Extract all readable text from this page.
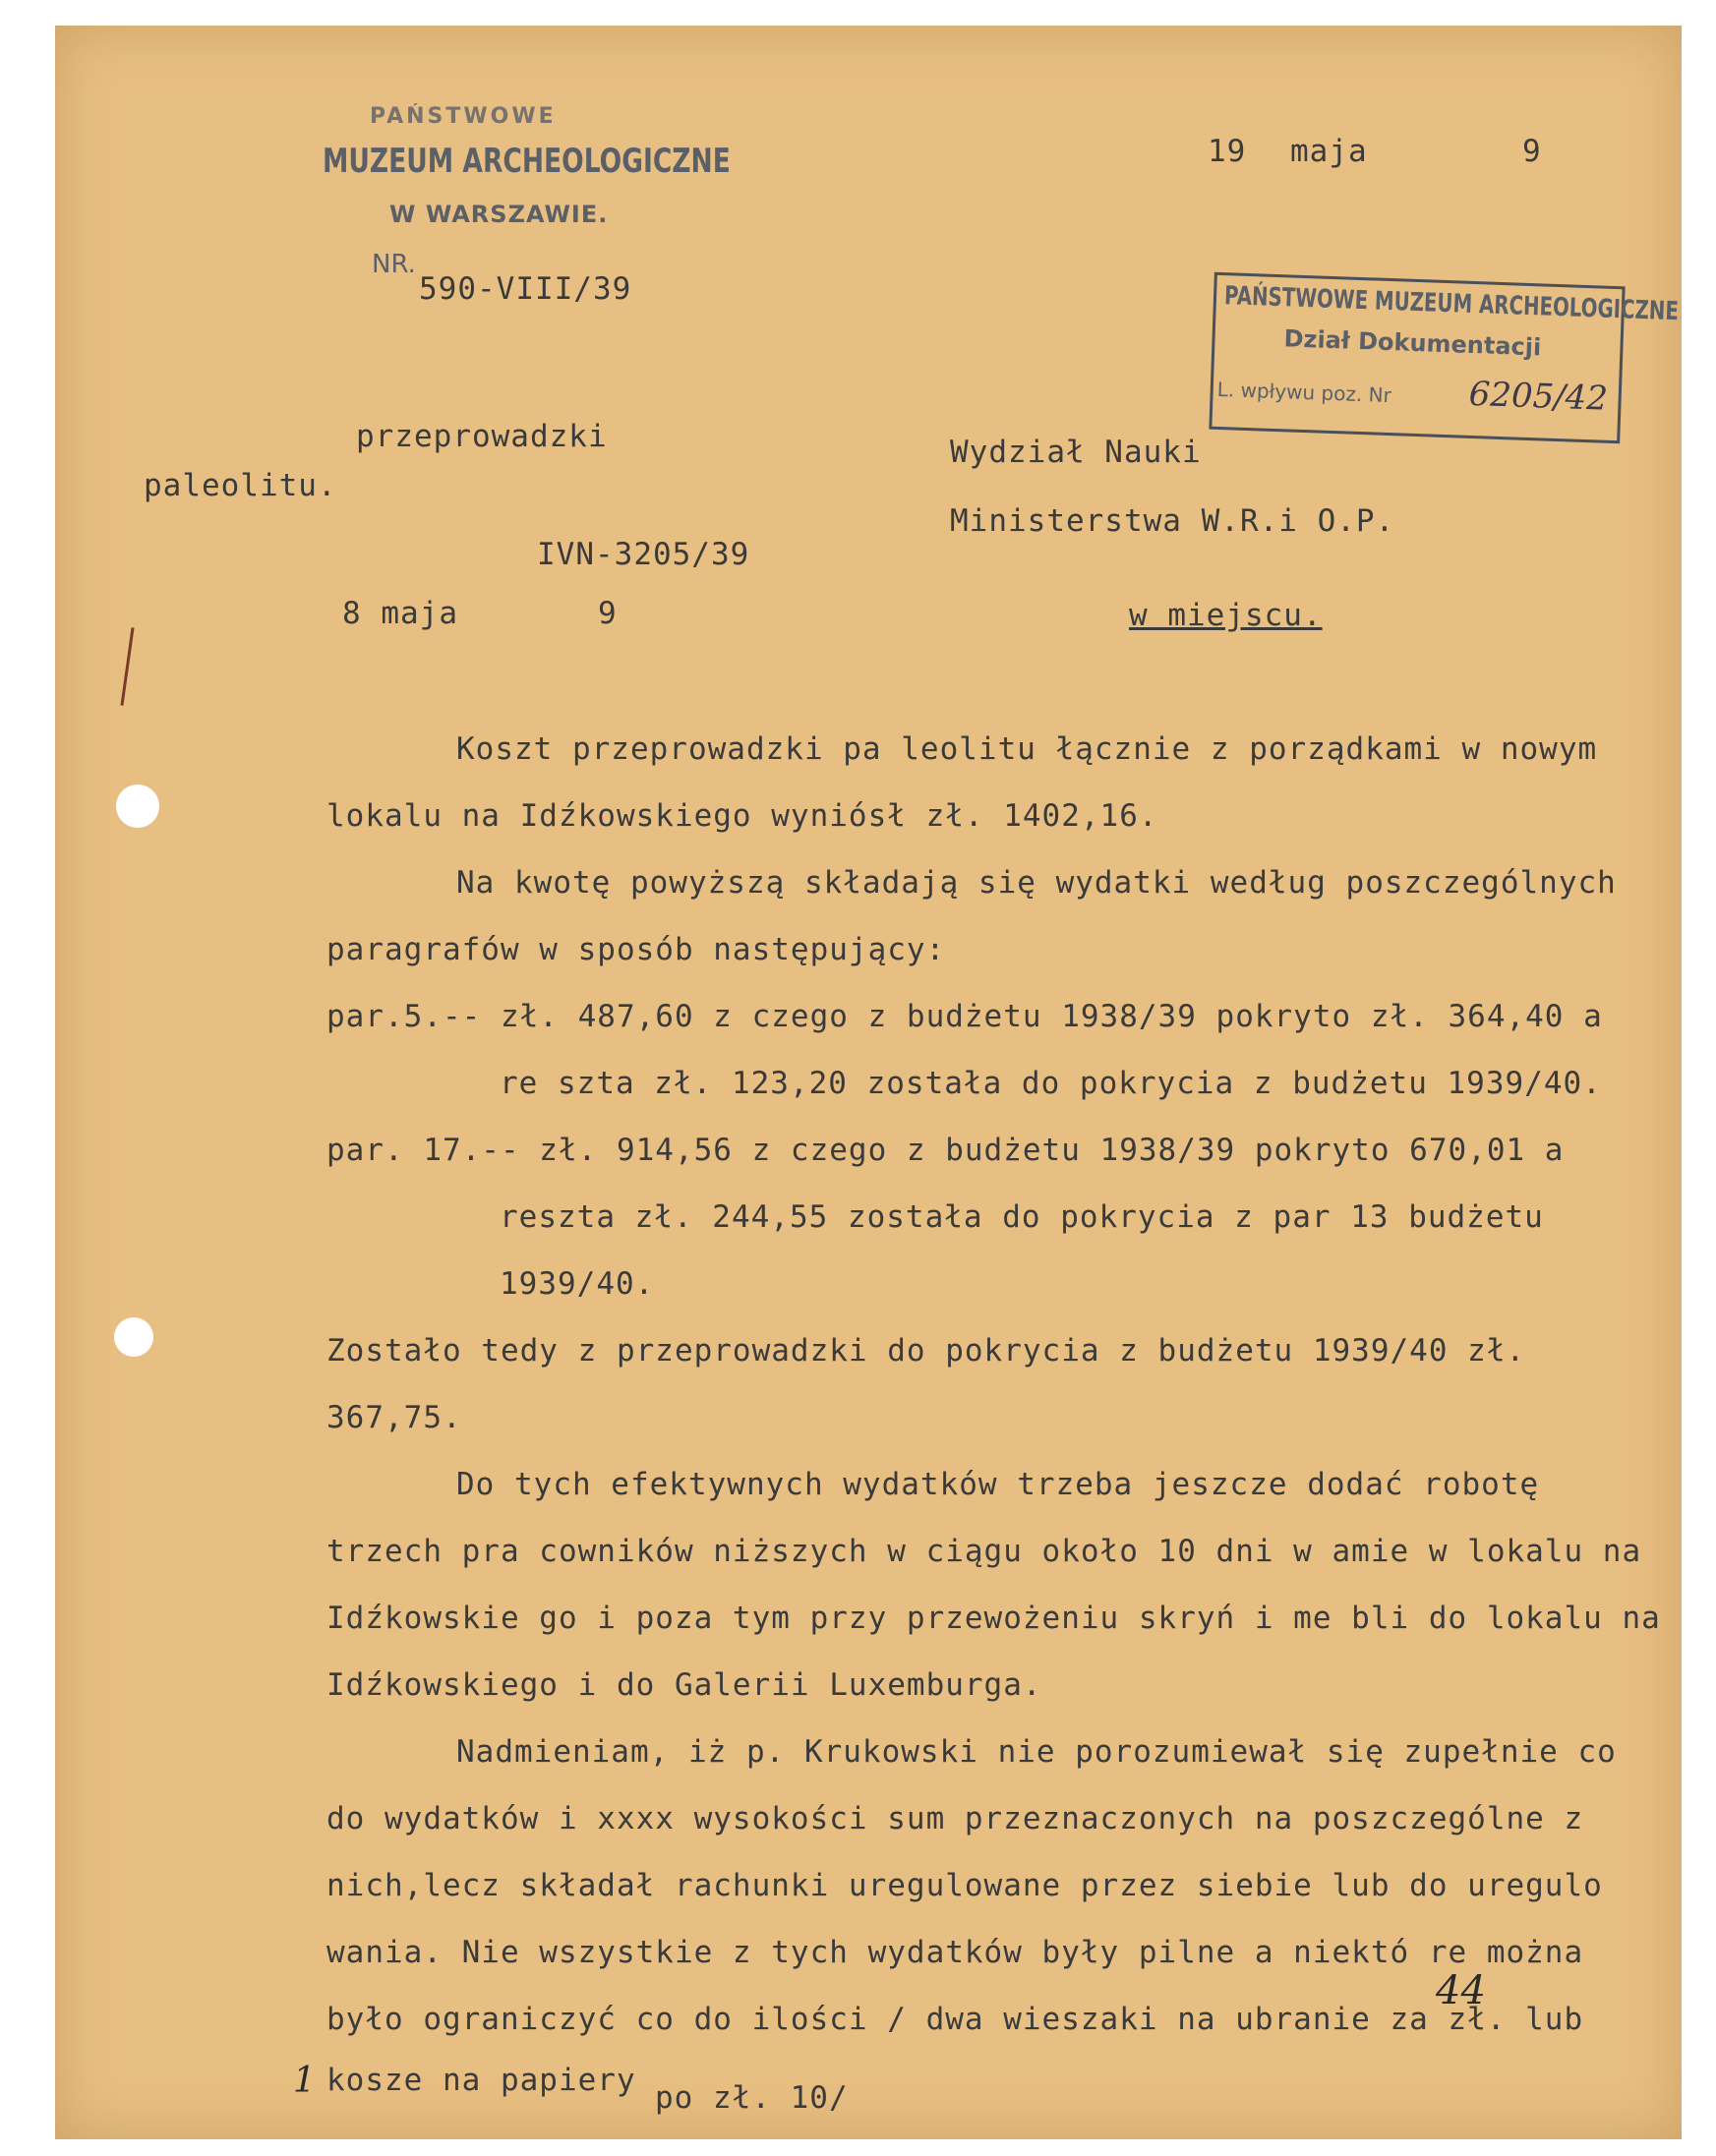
PAŃSTWOWE
MUZEUM ARCHEOLOGICZNE
W WARSZAWIE.
NR.
590-VIII/39
19 maja	9
PAŃSTWOWE MUZEUM ARCHEOLOGICZNE
Dział Dokumentacji
L. wpływu poz. Nr 6205/42
przeprowadzki
paleolitu.
IVN-3205/39
8 maja	9
Wydział Nauki
Ministerstwa W.R.i O.P.
w miejscu.
Koszt przeprowadzki pa leolitu łącznie z porządkami w nowym
lokalu na Idźkowskiego wyniósł zł. 1402,16.
Na kwotę powyższą składają się wydatki według poszczególnych
paragrafów w sposób następujący:
par.5.-- zł. 487,60 z czego z budżetu 1938/39 pokryto zł. 364,40 a
re szta zł. 123,20 została do pokrycia z budżetu 1939/40.
par. 17.-- zł. 914,56 z czego z budżetu 1938/39 pokryto 670,01 a
reszta zł. 244,55 została do pokrycia z par 13 budżetu
1939/40.
Zostało tedy z przeprowadzki do pokrycia z budżetu 1939/40 zł.
367,75.
Do tych efektywnych wydatków trzeba jeszcze dodać robotę
trzech pra cowników niższych w ciągu około 10 dni w amie w lokalu na
Idźkowskie go i poza tym przy przewożeniu skryń i me bli do lokalu na
Idźkowskiego i do Galerii Luxemburga.
Nadmieniam, iż p. Krukowski nie porozumiewał się zupełnie co
do wydatków i xxxx wysokości sum przeznaczonych na poszczególne z
nich,lecz składał rachunki uregulowane przez siebie lub do uregulo
wania. Nie wszystkie z tych wydatków były pilne a niektó re można
było ograniczyć co do ilości / dwa wieszaki na ubranie za zł. lub
kosze na papiery po zł. 10/
44
1
